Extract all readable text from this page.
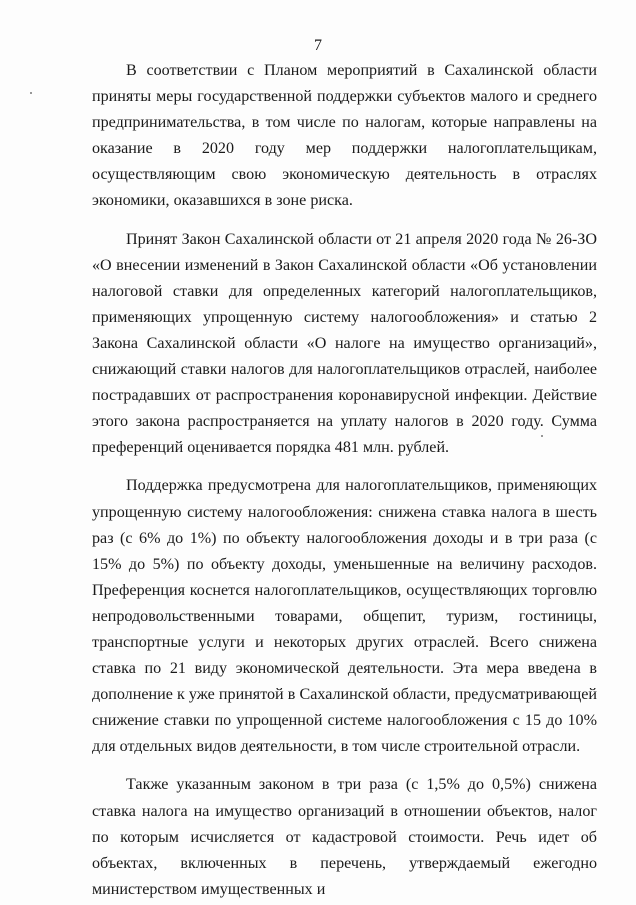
7

В соответствии с Планом мероприятий в Сахалинской области приняты меры государственной поддержки субъектов малого и среднего предпринимательства, в том числе по налогам, которые направлены на оказание в 2020 году мер поддержки налогоплательщикам, осуществляющим свою экономическую деятельность в отраслях экономики, оказавшихся в зоне риска.

Принят Закон Сахалинской области от 21 апреля 2020 года № 26-ЗО «О внесении изменений в Закон Сахалинской области «Об установлении налоговой ставки для определенных категорий налогоплательщиков, применяющих упрощенную систему налогообложения» и статью 2 Закона Сахалинской области «О налоге на имущество организаций», снижающий ставки налогов для налогоплательщиков отраслей, наиболее пострадавших от распространения коронавирусной инфекции. Действие этого закона распространяется на уплату налогов в 2020 году. Сумма преференций оценивается порядка 481 млн. рублей.

Поддержка предусмотрена для налогоплательщиков, применяющих упрощенную систему налогообложения: снижена ставка налога в шесть раз (с 6% до 1%) по объекту налогообложения доходы и в три раза (с 15% до 5%) по объекту доходы, уменьшенные на величину расходов. Преференция коснется налогоплательщиков, осуществляющих торговлю непродовольственными товарами, общепит, туризм, гостиницы, транспортные услуги и некоторых других отраслей. Всего снижена ставка по 21 виду экономической деятельности. Эта мера введена в дополнение к уже принятой в Сахалинской области, предусматривающей снижение ставки по упрощенной системе налогообложения с 15 до 10% для отдельных видов деятельности, в том числе строительной отрасли.

Также указанным законом в три раза (с 1,5% до 0,5%) снижена ставка налога на имущество организаций в отношении объектов, налог по которым исчисляется от кадастровой стоимости. Речь идет об объектах, включенных в перечень, утверждаемый ежегодно министерством имущественных и
